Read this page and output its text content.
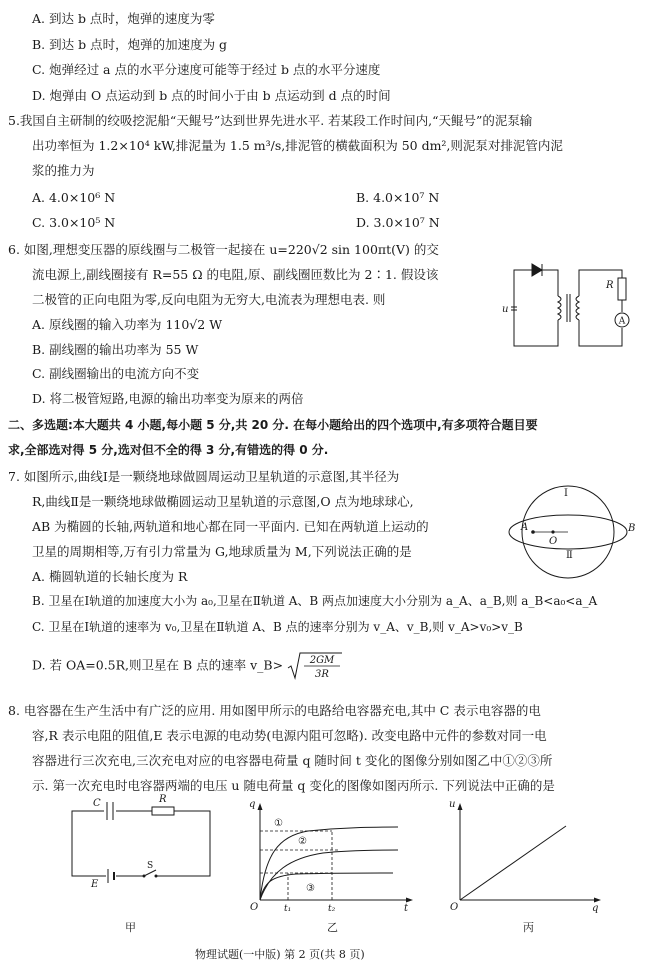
A. 到达 b 点时，炮弹的速度为零
B. 到达 b 点时，炮弹的加速度为 g
C. 炮弹经过 a 点的水平分速度可能等于经过 b 点的水平分速度
D. 炮弹由 O 点运动到 b 点的时间小于由 b 点运动到 d 点的时间
5.我国自主研制的绞吸挖泥船“天鲲号”达到世界先进水平. 若某段工作时间内,“天鲲号”的泥泵输
出功率恒为 1.2×10⁴ kW,排泥量为 1.5 m³/s,排泥管的横截面积为 50 dm²,则泥泵对排泥管内泥
浆的推力为
A. 4.0×10⁶ N	B. 4.0×10⁷ N
C. 3.0×10⁵ N	D. 3.0×10⁷ N
6. 如图,理想变压器的原线圈与二极管一起接在 u=220√2 sin 100πt(V) 的交
流电源上,副线圈接有 R=55 Ω 的电阻,原、副线圈匝数比为 2∶1. 假设该
二极管的正向电阻为零,反向电阻为无穷大,电流表为理想电表. 则
A. 原线圈的输入功率为 110√2 W
B. 副线圈的输出功率为 55 W
C. 副线圈输出的电流方向不变
D. 将二极管短路,电源的输出功率变为原来的两倍
u
R
A
二、多选题:本大题共 4 小题,每小题 5 分,共 20 分. 在每小题给出的四个选项中,有多项符合题目要
求,全部选对得 5 分,选对但不全的得 3 分,有错选的得 0 分.
7. 如图所示,曲线Ⅰ是一颗绕地球做圆周运动卫星轨道的示意图,其半径为
R,曲线Ⅱ是一颗绕地球做椭圆运动卫星轨道的示意图,O 点为地球球心,
AB 为椭圆的长轴,两轨道和地心都在同一平面内. 已知在两轨道上运动的
卫星的周期相等,万有引力常量为 G,地球质量为 M,下列说法正确的是
A. 椭圆轨道的长轴长度为 R
B. 卫星在Ⅰ轨道的加速度大小为 a₀,卫星在Ⅱ轨道 A、B 两点加速度大小分别为 a_A、a_B,则 a_B<a₀<a_A
C. 卫星在Ⅰ轨道的速率为 v₀,卫星在Ⅱ轨道 A、B 点的速率分别为 v_A、v_B,则 v_A>v₀>v_B
D. 若 OA=0.5R,则卫星在 B 点的速率 v_B>	2GM
3R
Ⅰ
Ⅱ
A	B
O
8. 电容器在生产生活中有广泛的应用. 用如图甲所示的电路给电容器充电,其中 C 表示电容器的电
容,R 表示电阻的阻值,E 表示电源的电动势(电源内阻可忽略). 改变电路中元件的参数对同一电
容器进行三次充电,三次充电对应的电容器电荷量 q 随时间 t 变化的图像分别如图乙中①②③所
示. 第一次充电时电容器两端的电压 u 随电荷量 q 变化的图像如图丙所示. 下列说法中正确的是
C	R
E
S
甲
q
t
O	t₁	t₂
①
②
③
乙
u
q
O
丙
物理试题(一中版) 第 2 页(共 8 页)
